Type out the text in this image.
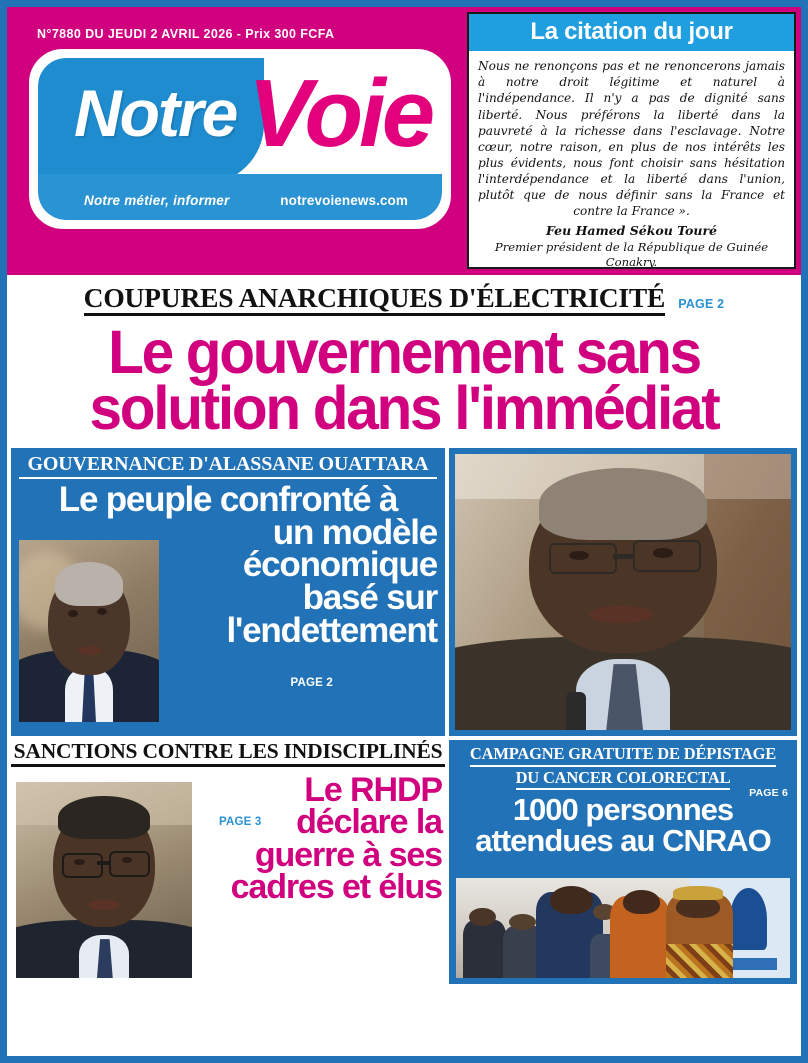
N°7880 DU JEUDI 2 AVRIL 2026 - Prix 300 FCFA
Notre Voie
Notre métier, informer	notrevoienews.com
La citation du jour
Nous ne renonçons pas et ne renoncerons jamais à notre droit légitime et naturel à l'indépendance. Il n'y a pas de dignité sans liberté. Nous préférons la liberté dans la pauvreté à la richesse dans l'esclavage. Notre cœur, notre raison, en plus de nos intérêts les plus évidents, nous font choisir sans hésitation l'interdépendance et la liberté dans l'union, plutôt que de nous définir sans la France et contre la France ».
Feu Hamed Sékou Touré
Premier président de la République de Guinée Conakry.
COUPURES ANARCHIQUES D'ÉLECTRICITÉ PAGE 2
Le gouvernement sans
solution dans l'immédiat
GOUVERNANCE D'ALASSANE OUATTARA
Le peuple confronté à
un modèle
économique
basé sur
l'endettement
PAGE 2
SANCTIONS CONTRE LES INDISCIPLINÉS
Le RHDP
déclare la
guerre à ses
cadres et élus
PAGE 3
CAMPAGNE GRATUITE DE DÉPISTAGE
DU CANCER COLORECTAL
PAGE 6
1000 personnes
attendues au CNRAO
